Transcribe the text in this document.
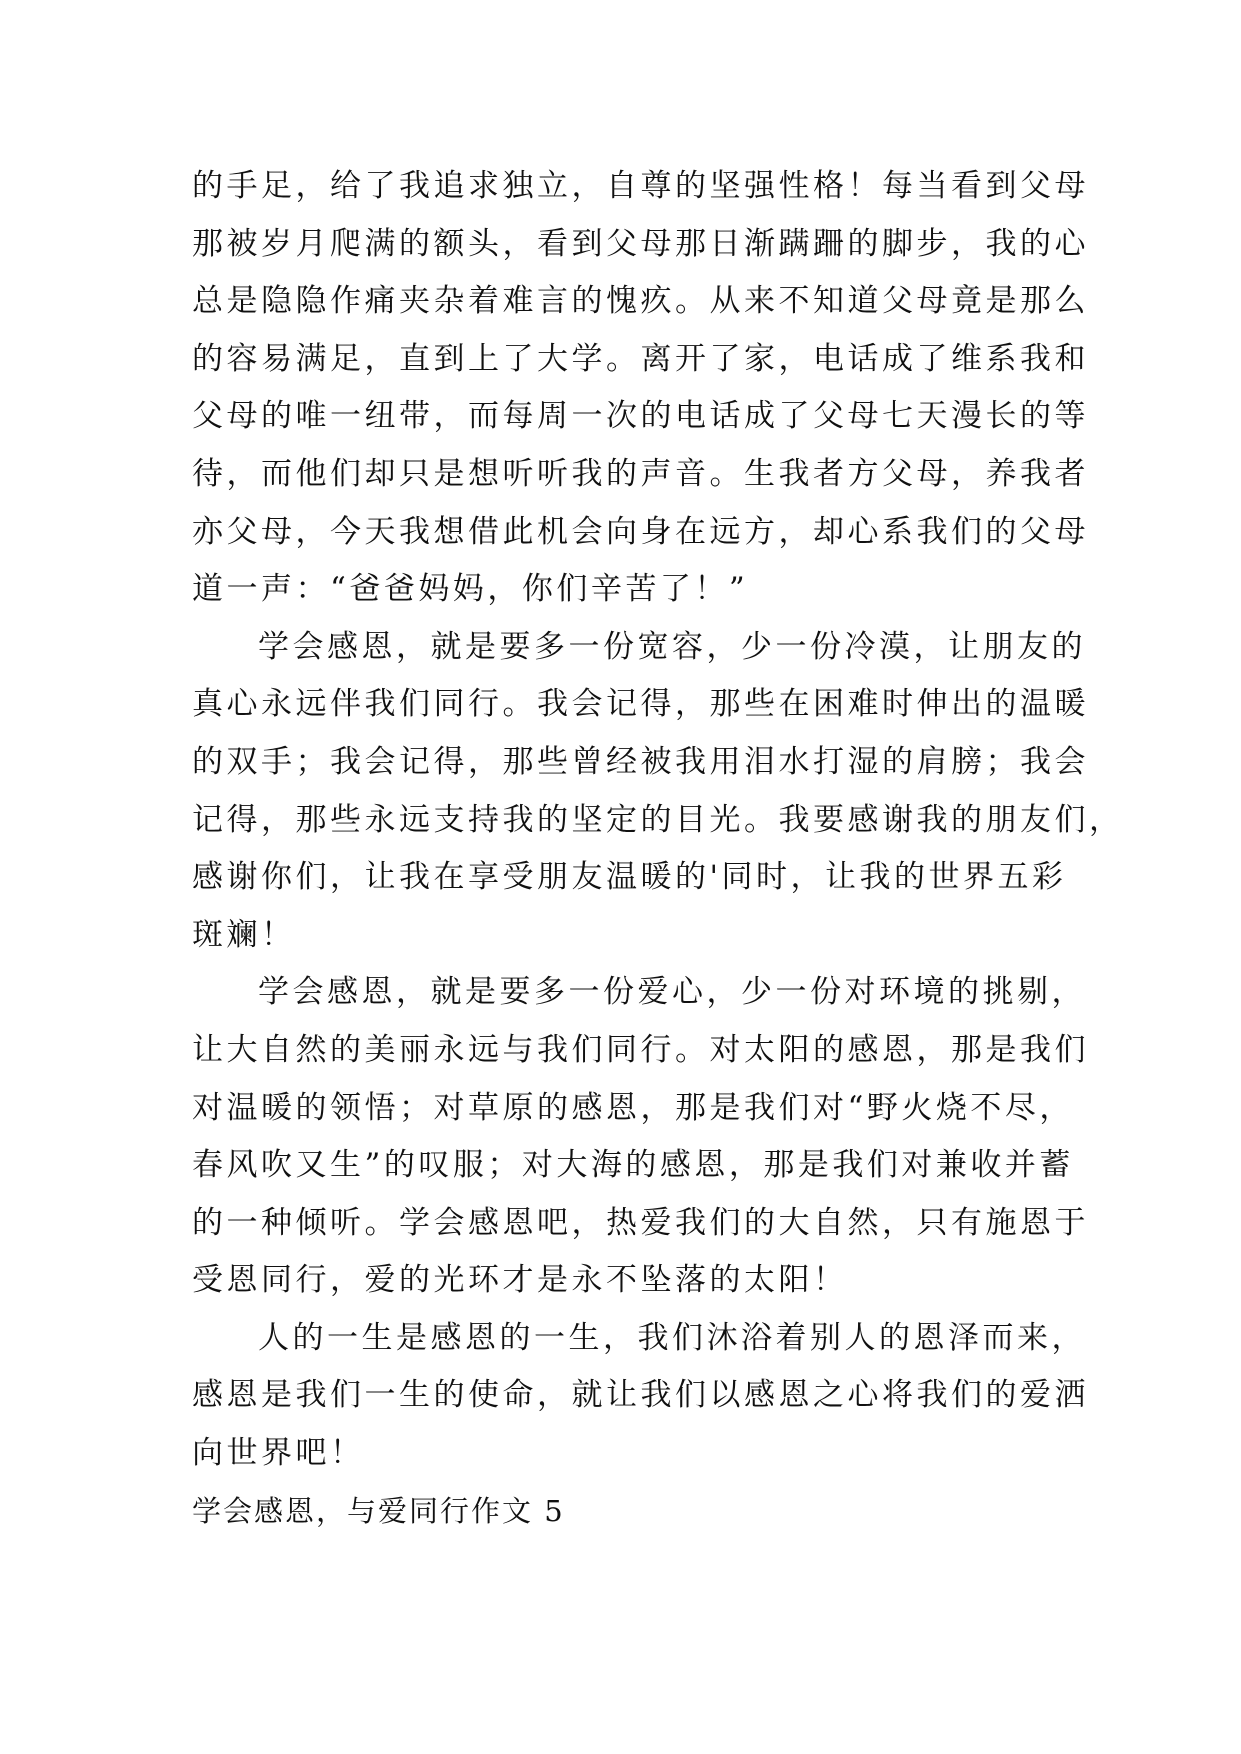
的手足，给了我追求独立，自尊的坚强性格！每当看到父母
那被岁月爬满的额头，看到父母那日渐蹒跚的脚步，我的心
总是隐隐作痛夹杂着难言的愧疚。从来不知道父母竟是那么
的容易满足，直到上了大学。离开了家，电话成了维系我和
父母的唯一纽带，而每周一次的电话成了父母七天漫长的等
待，而他们却只是想听听我的声音。生我者方父母，养我者
亦父母，今天我想借此机会向身在远方，却心系我们的父母
道一声：“爸爸妈妈，你们辛苦了！”
学会感恩，就是要多一份宽容，少一份冷漠，让朋友的
真心永远伴我们同行。我会记得，那些在困难时伸出的温暖
的双手；我会记得，那些曾经被我用泪水打湿的肩膀；我会
记得，那些永远支持我的坚定的目光。我要感谢我的朋友们，
感谢你们，让我在享受朋友温暖的'同时，让我的世界五彩
斑斓！
学会感恩，就是要多一份爱心，少一份对环境的挑剔，
让大自然的美丽永远与我们同行。对太阳的感恩，那是我们
对温暖的领悟；对草原的感恩，那是我们对“野火烧不尽，
春风吹又生”的叹服；对大海的感恩，那是我们对兼收并蓄
的一种倾听。学会感恩吧，热爱我们的大自然，只有施恩于
受恩同行，爱的光环才是永不坠落的太阳！
人的一生是感恩的一生，我们沐浴着别人的恩泽而来，
感恩是我们一生的使命，就让我们以感恩之心将我们的爱洒
向世界吧！
学会感恩，与爱同行作文 5
